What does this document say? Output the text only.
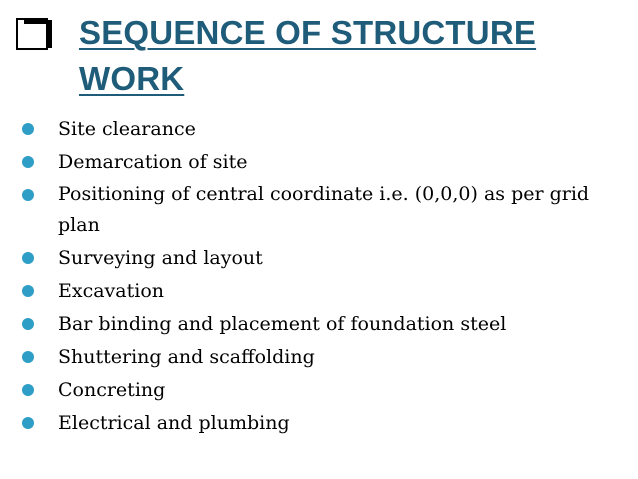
SEQUENCE OF STRUCTURE WORK
Site clearance
Demarcation of site
Positioning of central coordinate i.e. (0,0,0) as per grid plan
Surveying and layout
Excavation
Bar binding and placement of foundation steel
Shuttering and scaffolding
Concreting
Electrical and plumbing
